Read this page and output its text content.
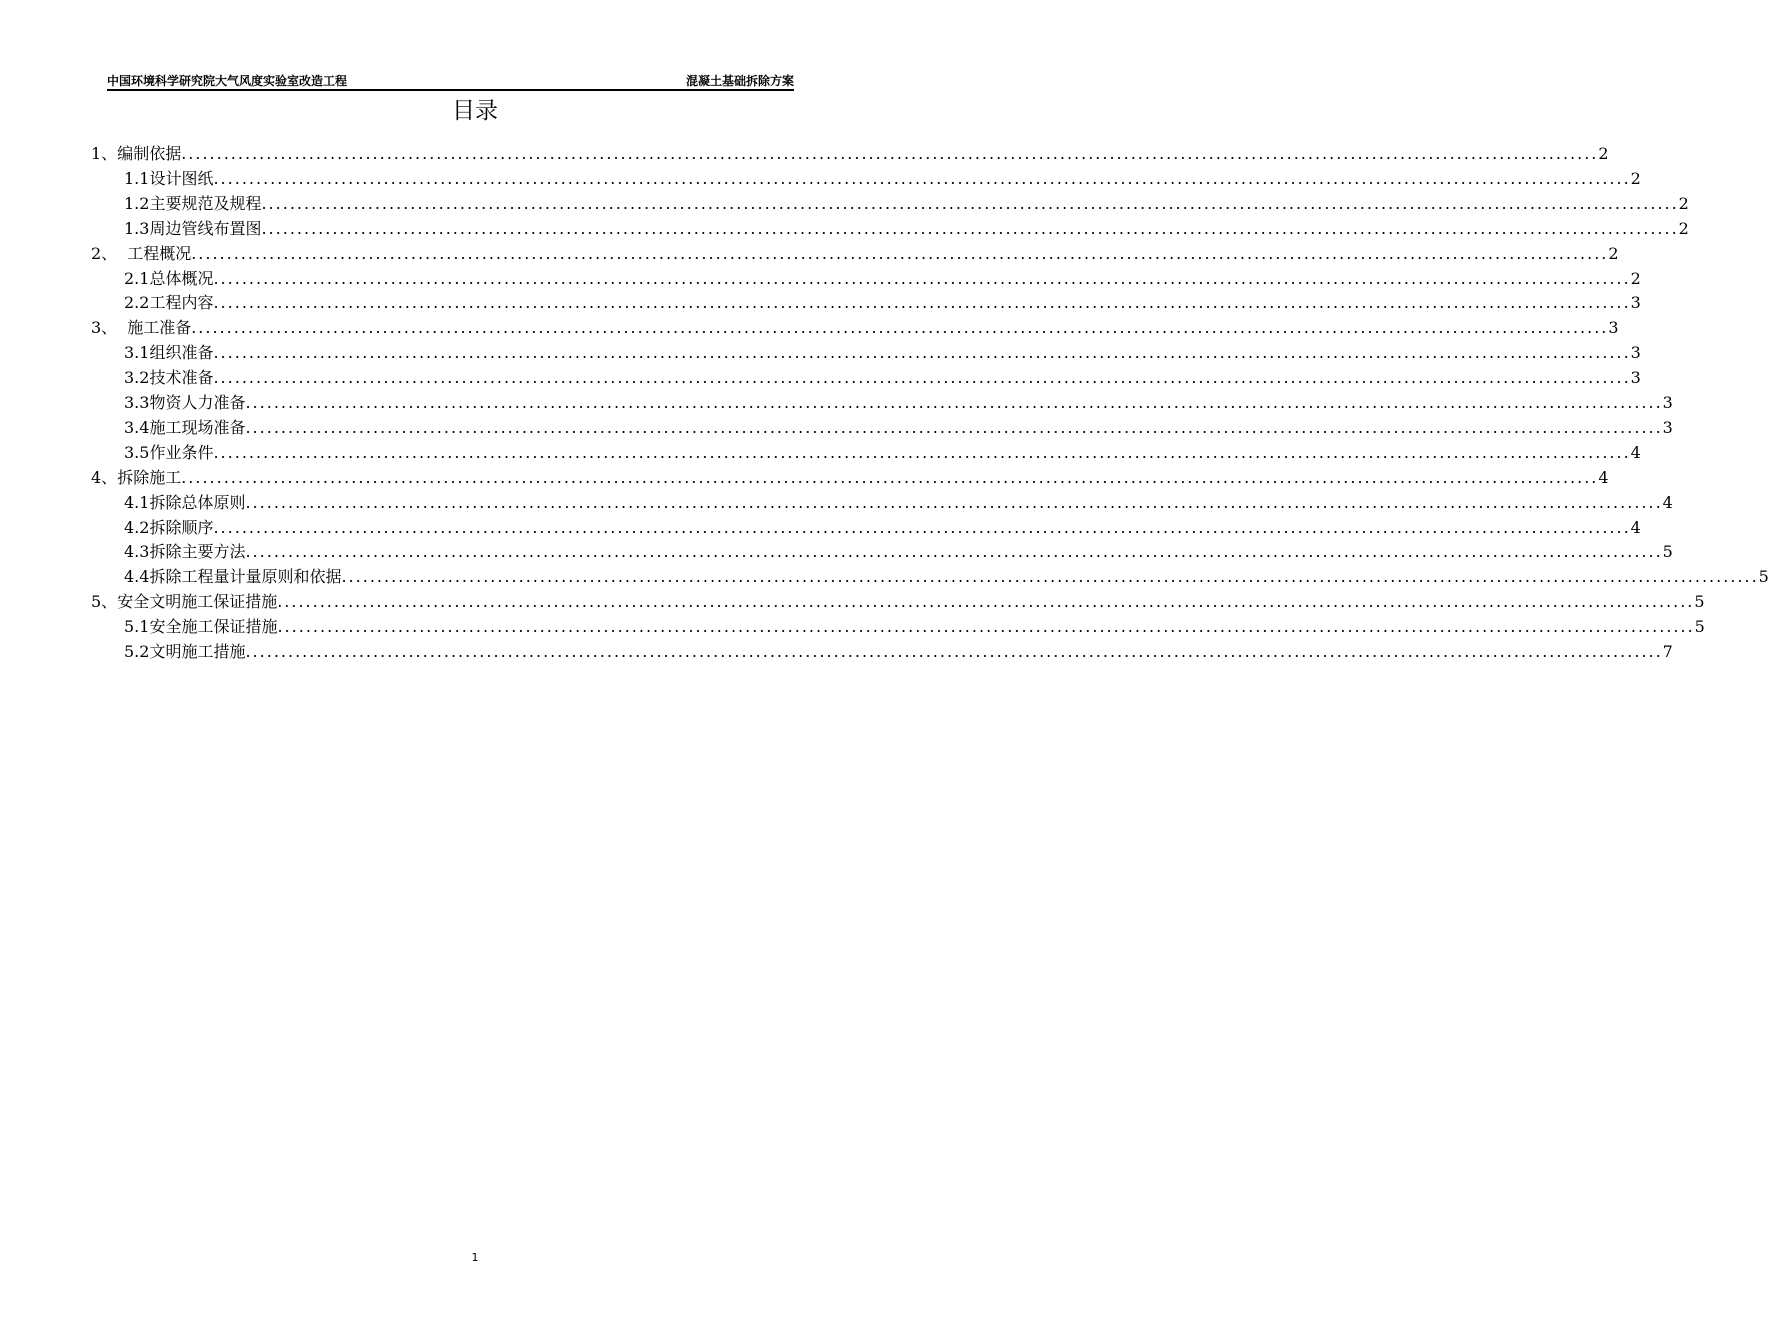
中国环境科学研究院大气风度实验室改造工程	混凝土基础拆除方案
目录
1、 编制依据 ........................................................................................................................................................................................................ 2
1.1 设计图纸 ........................................................................................................................................................................................................ 2
1.2 主要规范及规程 ........................................................................................................................................................................................................ 2
1.3 周边管线布置图 ........................................................................................................................................................................................................ 2
2、 工程概况 ........................................................................................................................................................................................................ 2
2.1 总体概况 ........................................................................................................................................................................................................ 2
2.2 工程内容 ........................................................................................................................................................................................................ 3
3、 施工准备 ........................................................................................................................................................................................................ 3
3.1 组织准备 ........................................................................................................................................................................................................ 3
3.2 技术准备 ........................................................................................................................................................................................................ 3
3.3 物资人力准备 ........................................................................................................................................................................................................ 3
3.4 施工现场准备 ........................................................................................................................................................................................................ 3
3.5 作业条件 ........................................................................................................................................................................................................ 4
4、 拆除施工 ........................................................................................................................................................................................................ 4
4.1 拆除总体原则 ........................................................................................................................................................................................................ 4
4.2 拆除顺序 ........................................................................................................................................................................................................ 4
4.3 拆除主要方法 ........................................................................................................................................................................................................ 5
4.4 拆除工程量计量原则和依据 ........................................................................................................................................................................................................ 5
5、 安全文明施工保证措施 ........................................................................................................................................................................................................ 5
5.1 安全施工保证措施 ........................................................................................................................................................................................................ 5
5.2 文明施工措施 ........................................................................................................................................................................................................ 7
1
